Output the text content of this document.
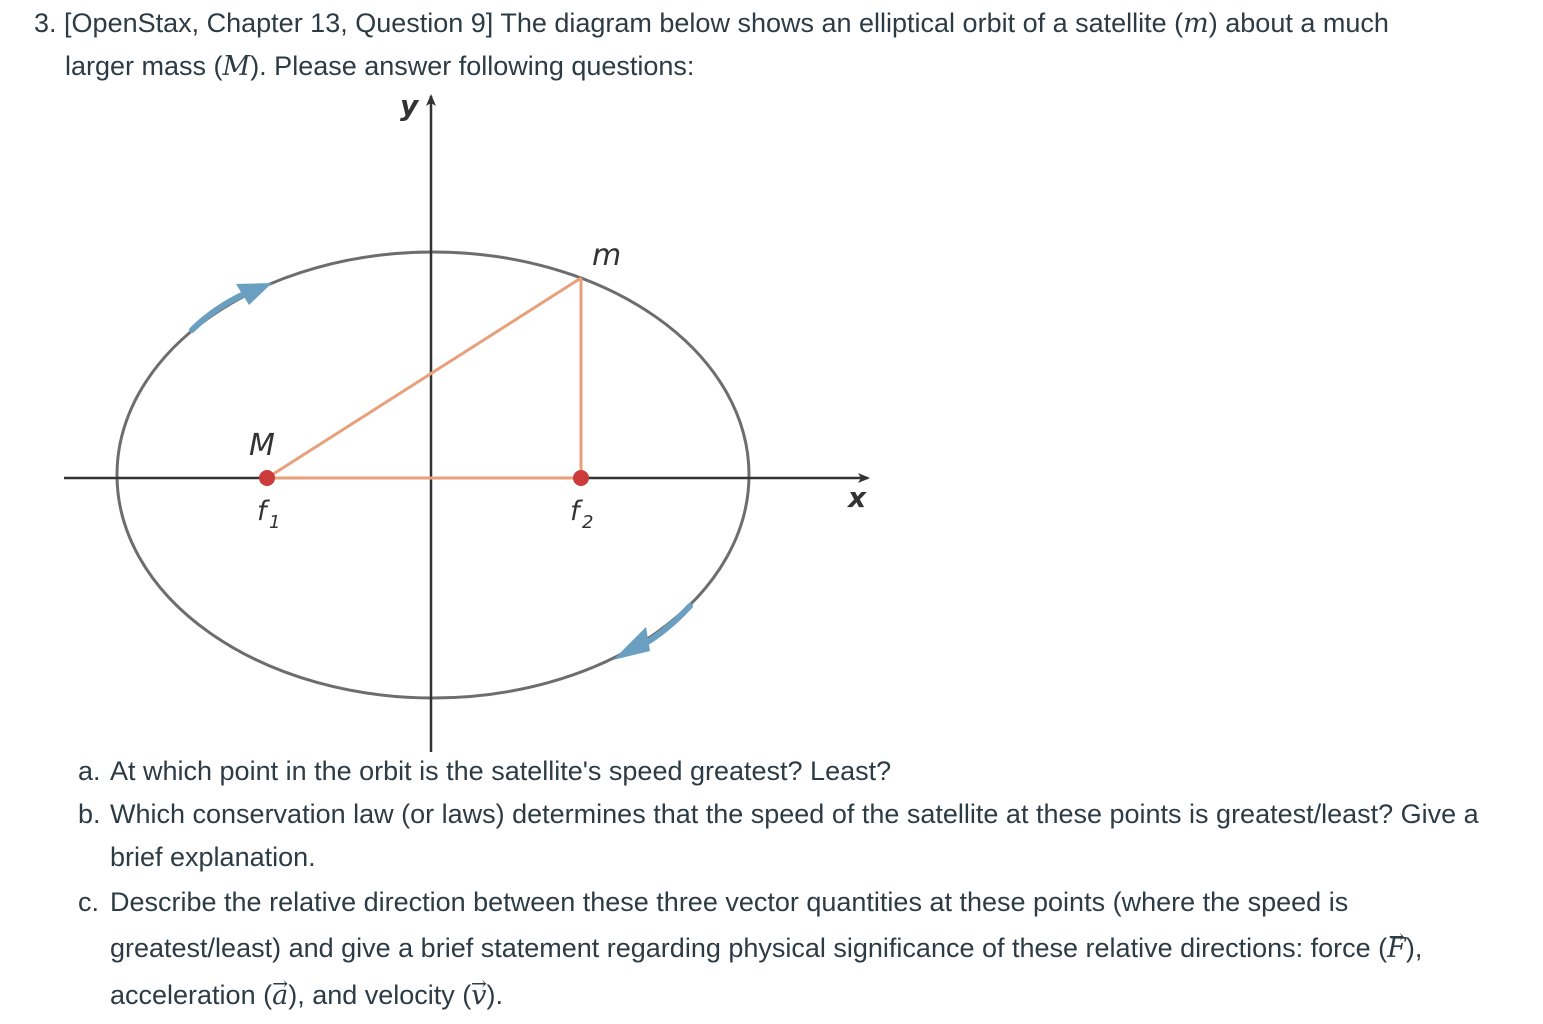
3. [OpenStax, Chapter 13, Question 9] The diagram below shows an elliptical orbit of a satellite (m) about a much
larger mass (M). Please answer following questions:
y
x
M
m
f 1	f 2
a. At which point in the orbit is the satellite's speed greatest? Least?
b. Which conservation law (or laws) determines that the speed of the satellite at these points is greatest/least? Give a brief explanation.
c. Describe the relative direction between these three vector quantities at these points (where the speed is greatest/least) and give a brief statement regarding physical significance of these relative directions: force (→ F), acceleration (→ a), and velocity (→ v).
